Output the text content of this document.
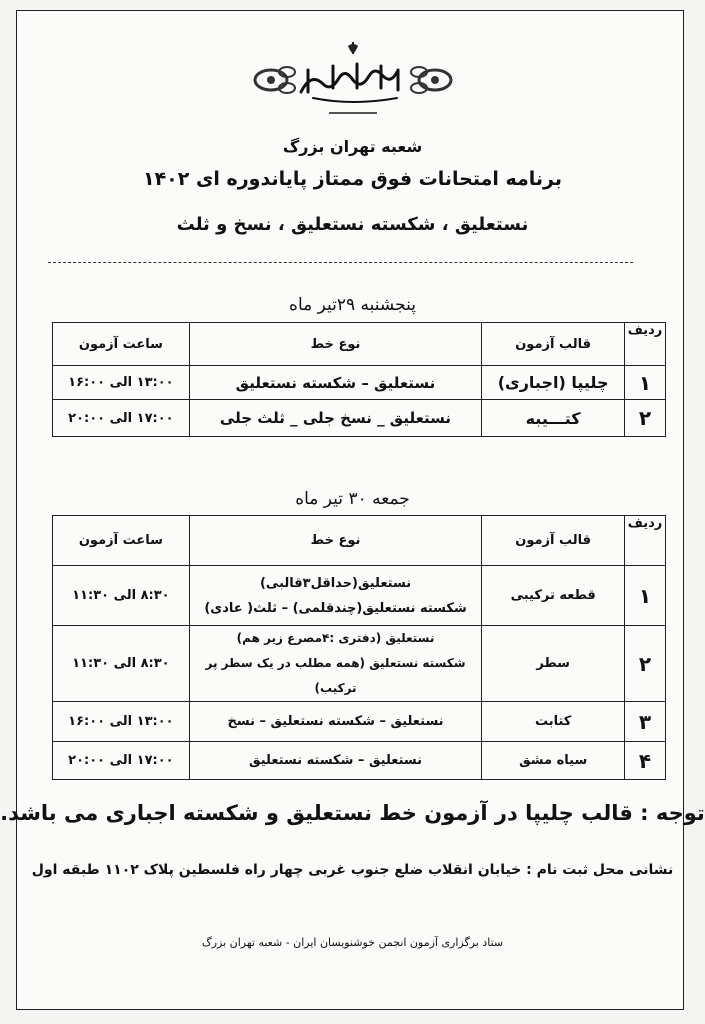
شعبه تهران بزرگ
برنامه امتحانات فوق ممتاز پایاندوره ای ۱۴۰۲
نستعلیق ، شکسته نستعلیق ، نسخ و ثلث
پنجشنبه ۲۹تیر ماه
ردیف	قالب آزمون	نوع خط	ساعت آزمون
۱	چلیپا (اجباری)	نستعلیق – شکسته نستعلیق	۱۳:۰۰ الی ۱۶:۰۰
۲	کتـــیبه	نستعلیق _ نسخ جلی _ ثلث جلی	۱۷:۰۰ الی ۲۰:۰۰
جمعه ۳۰ تیر ماه
ردیف	قالب آزمون	نوع خط	ساعت آزمون
۱	قطعه ترکیبی	نستعلیق(حداقل۳قالبی)
شکسته نستعلیق(چندقلمی) – ثلث( عادی)	۸:۳۰ الی ۱۱:۳۰
۲	سطر	نستعلیق (دفتری :۴مصرع زیر هم)
شکسته نستعلیق (همه مطلب در یک سطر پر ترکیب)	۸:۳۰ الی ۱۱:۳۰
۳	کتابت	نستعلیق – شکسته نستعلیق – نسخ	۱۳:۰۰ الی ۱۶:۰۰
۴	سیاه مشق	نستعلیق – شکسته نستعلیق	۱۷:۰۰ الی ۲۰:۰۰
توجه : قالب چلیپا در آزمون خط نستعلیق و شکسته اجباری می باشد.
نشانی محل ثبت نام : خیابان انقلاب ضلع جنوب غربی چهار راه فلسطین پلاک ۱۱۰۲ طبقه اول
ستاد برگزاری آزمون انجمن خوشنویسان ایران - شعبه تهران بزرگ
